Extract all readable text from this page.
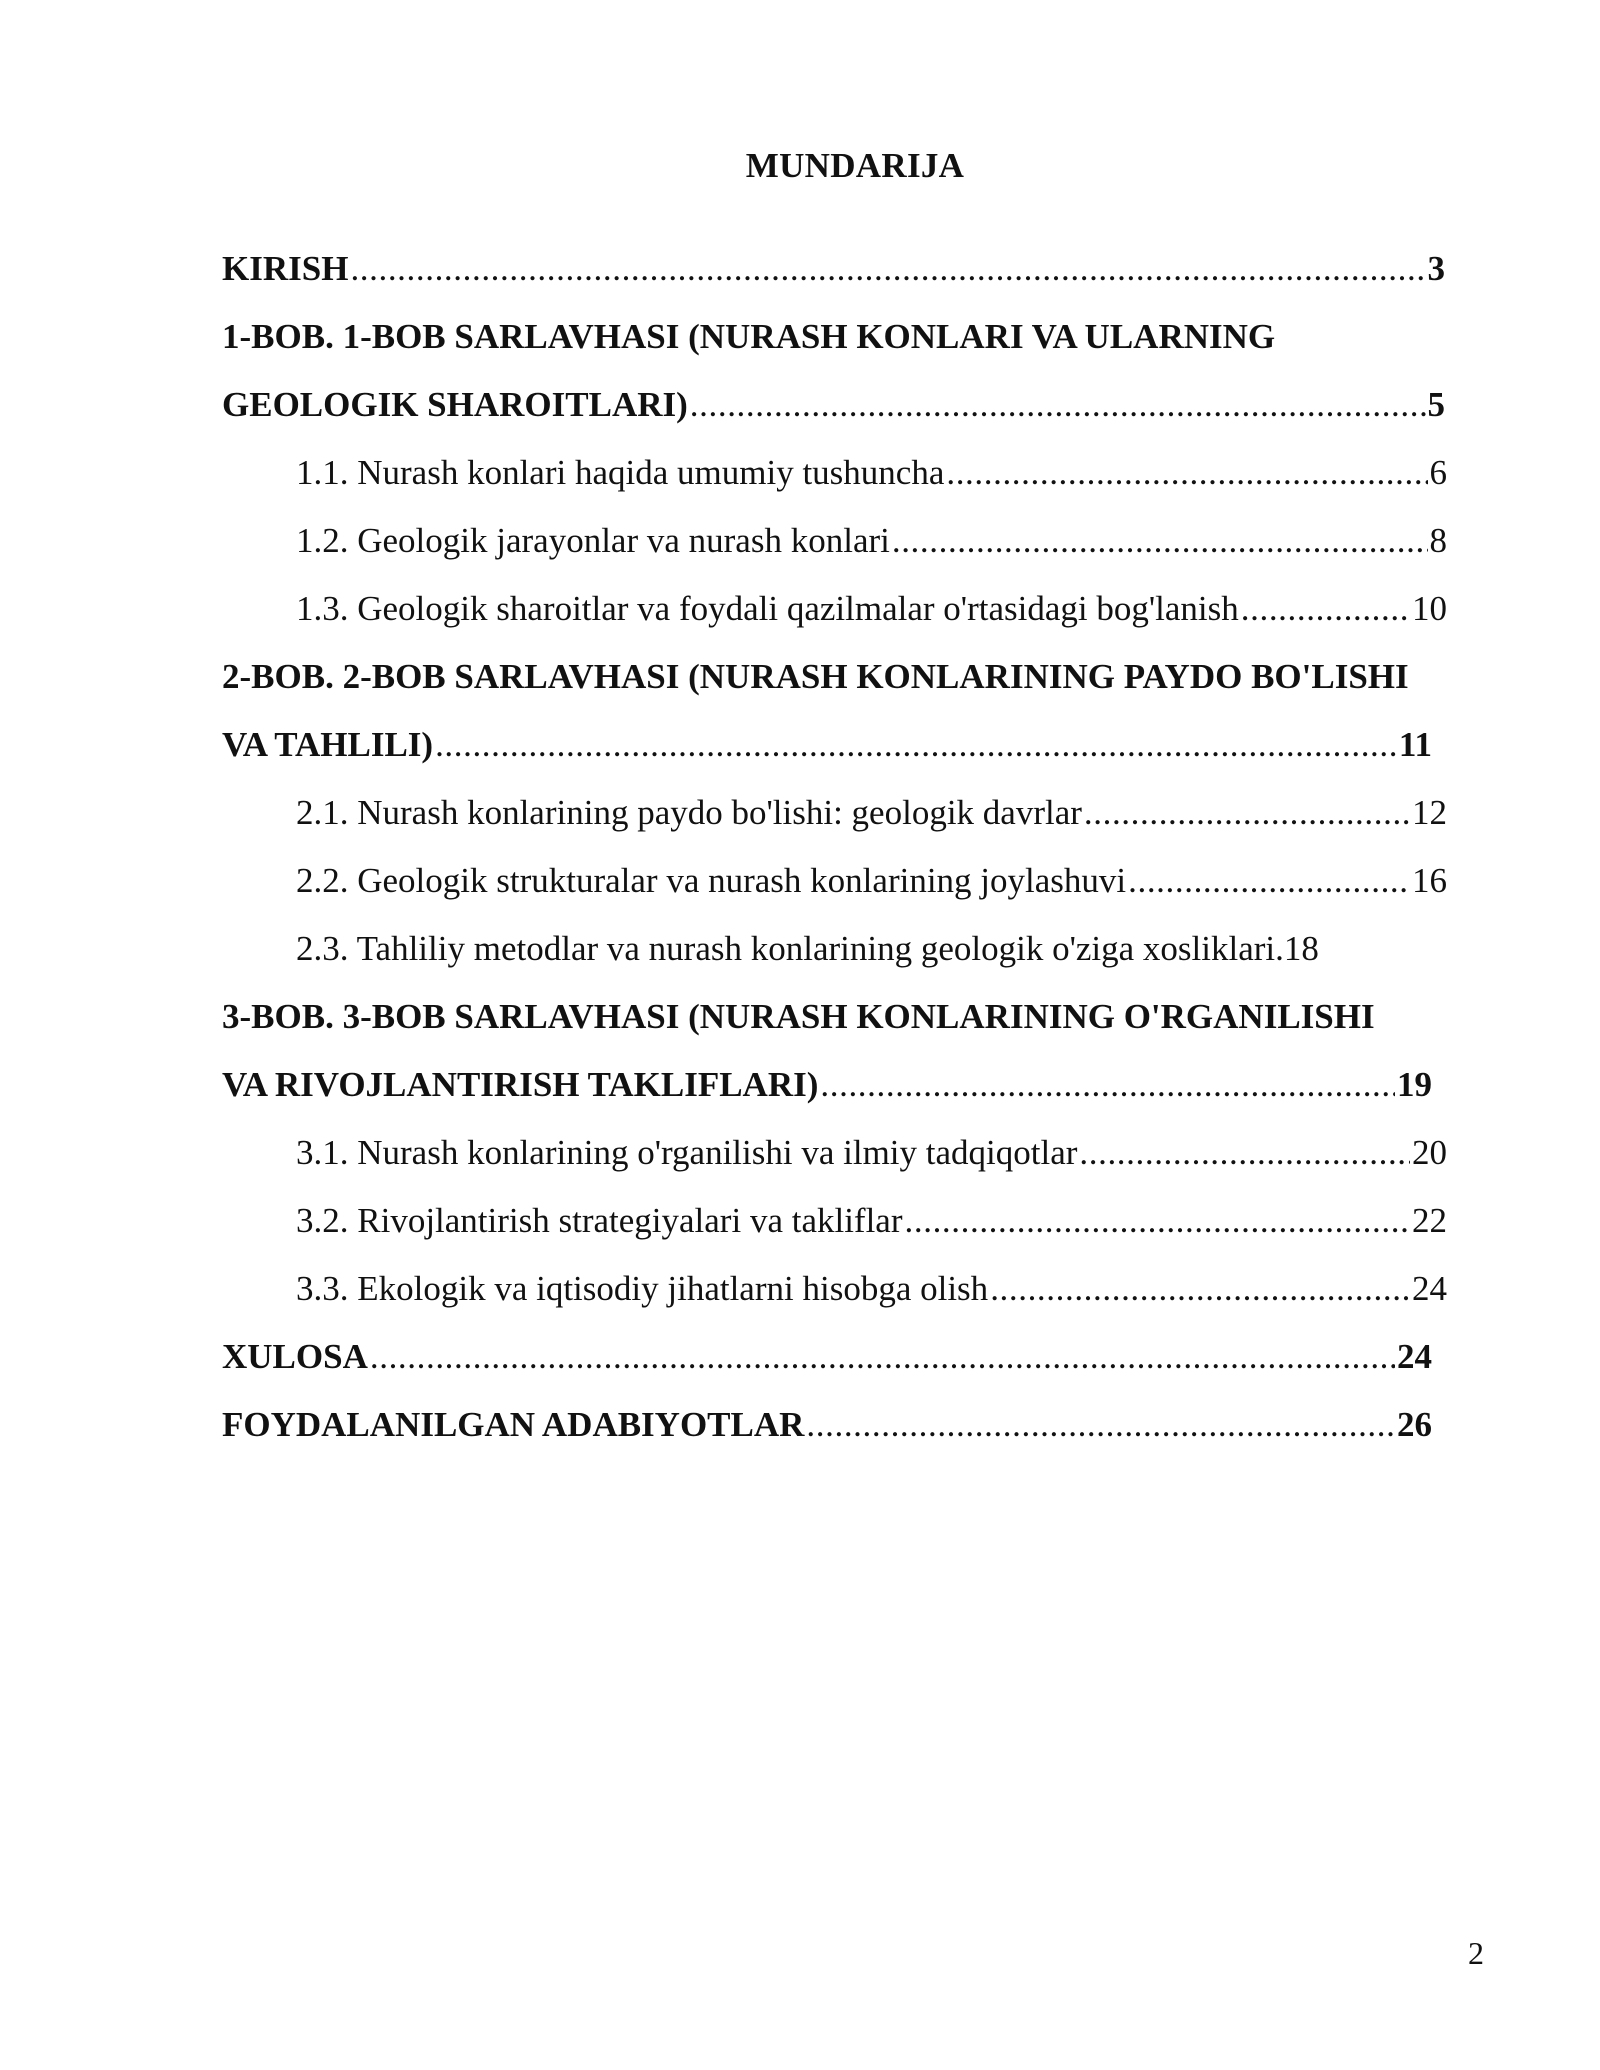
MUNDARIJA
KIRISH .....	3
1-BOB. 1-BOB SARLAVHASI (NURASH KONLARI VA ULARNING
GEOLOGIK SHAROITLARI) .....	5
1.1. Nurash konlari haqida umumiy tushuncha .....	6
1.2. Geologik jarayonlar va nurash konlari .....	8
1.3. Geologik sharoitlar va foydali qazilmalar o'rtasidagi bog'lanish .....	10
2-BOB. 2-BOB SARLAVHASI (NURASH KONLARINING PAYDO BO'LISHI
VA TAHLILI) .....	11
2.1. Nurash konlarining paydo bo'lishi: geologik davrlar .....	12
2.2. Geologik strukturalar va nurash konlarining joylashuvi .....	16
2.3. Tahliliy metodlar va nurash konlarining geologik o'ziga xosliklari. 18
3-BOB. 3-BOB SARLAVHASI (NURASH KONLARINING O'RGANILISHI
VA RIVOJLANTIRISH TAKLIFLARI) .....	19
3.1. Nurash konlarining o'rganilishi va ilmiy tadqiqotlar .....	20
3.2. Rivojlantirish strategiyalari va takliflar .....	22
3.3. Ekologik va iqtisodiy jihatlarni hisobga olish .....	24
XULOSA .....	24
FOYDALANILGAN ADABIYOTLAR .....	26
2
